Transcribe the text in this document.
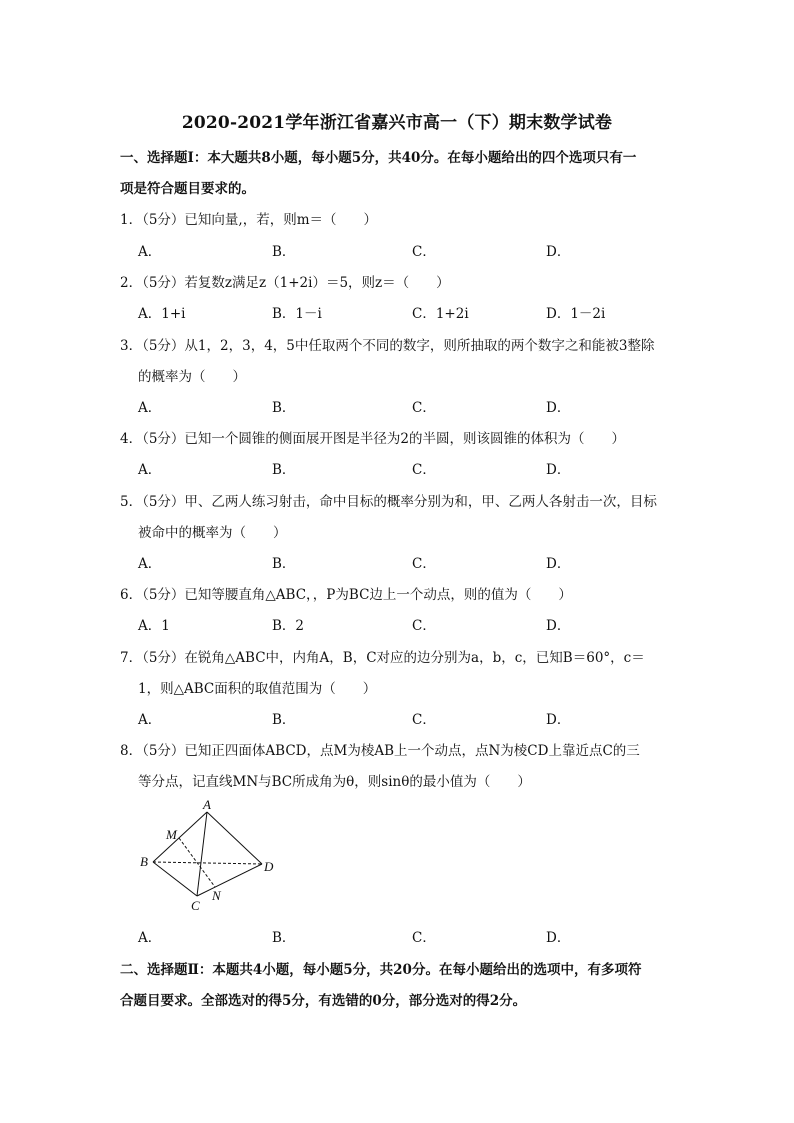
2020-2021学年浙江省嘉兴市高一（下）期末数学试卷
一、选择题Ⅰ：本大题共8小题，每小题5分，共40分。在每小题给出的四个选项只有一
项是符合题目要求的。
1．（5分）已知向量,，若，则m＝（　　）
A．	B．	C．	D．
2．（5分）若复数z满足z（1+2i）＝5，则z＝（　　）
A．1+i	B．1－i	C．1+2i	D．1－2i
3．（5分）从1，2，3，4，5中任取两个不同的数字，则所抽取的两个数字之和能被3整除
的概率为（　　）
A．	B．	C．	D．
4．（5分）已知一个圆锥的侧面展开图是半径为2的半圆，则该圆锥的体积为（　　）
A．	B．	C．	D．
5．（5分）甲、乙两人练习射击，命中目标的概率分别为和，甲、乙两人各射击一次，目标
被命中的概率为（　　）
A．	B．	C．	D．
6．（5分）已知等腰直角△ABC，，P为BC边上一个动点，则的值为（　　）
A．1	B．2	C．	D．
7．（5分）在锐角△ABC中，内角A，B，C对应的边分别为a，b，c，已知B＝60°，c＝
1，则△ABC面积的取值范围为（　　）
A．	B．	C．	D．
8．（5分）已知正四面体ABCD，点M为棱AB上一个动点，点N为棱CD上靠近点C的三
等分点，记直线MN与BC所成角为θ，则sinθ的最小值为（　　）
A
M
B	D
C
N
A．	B．	C．	D．
二、选择题Ⅱ：本题共4小题，每小题5分，共20分。在每小题给出的选项中，有多项符
合题目要求。全部选对的得5分，有选错的0分，部分选对的得2分。
